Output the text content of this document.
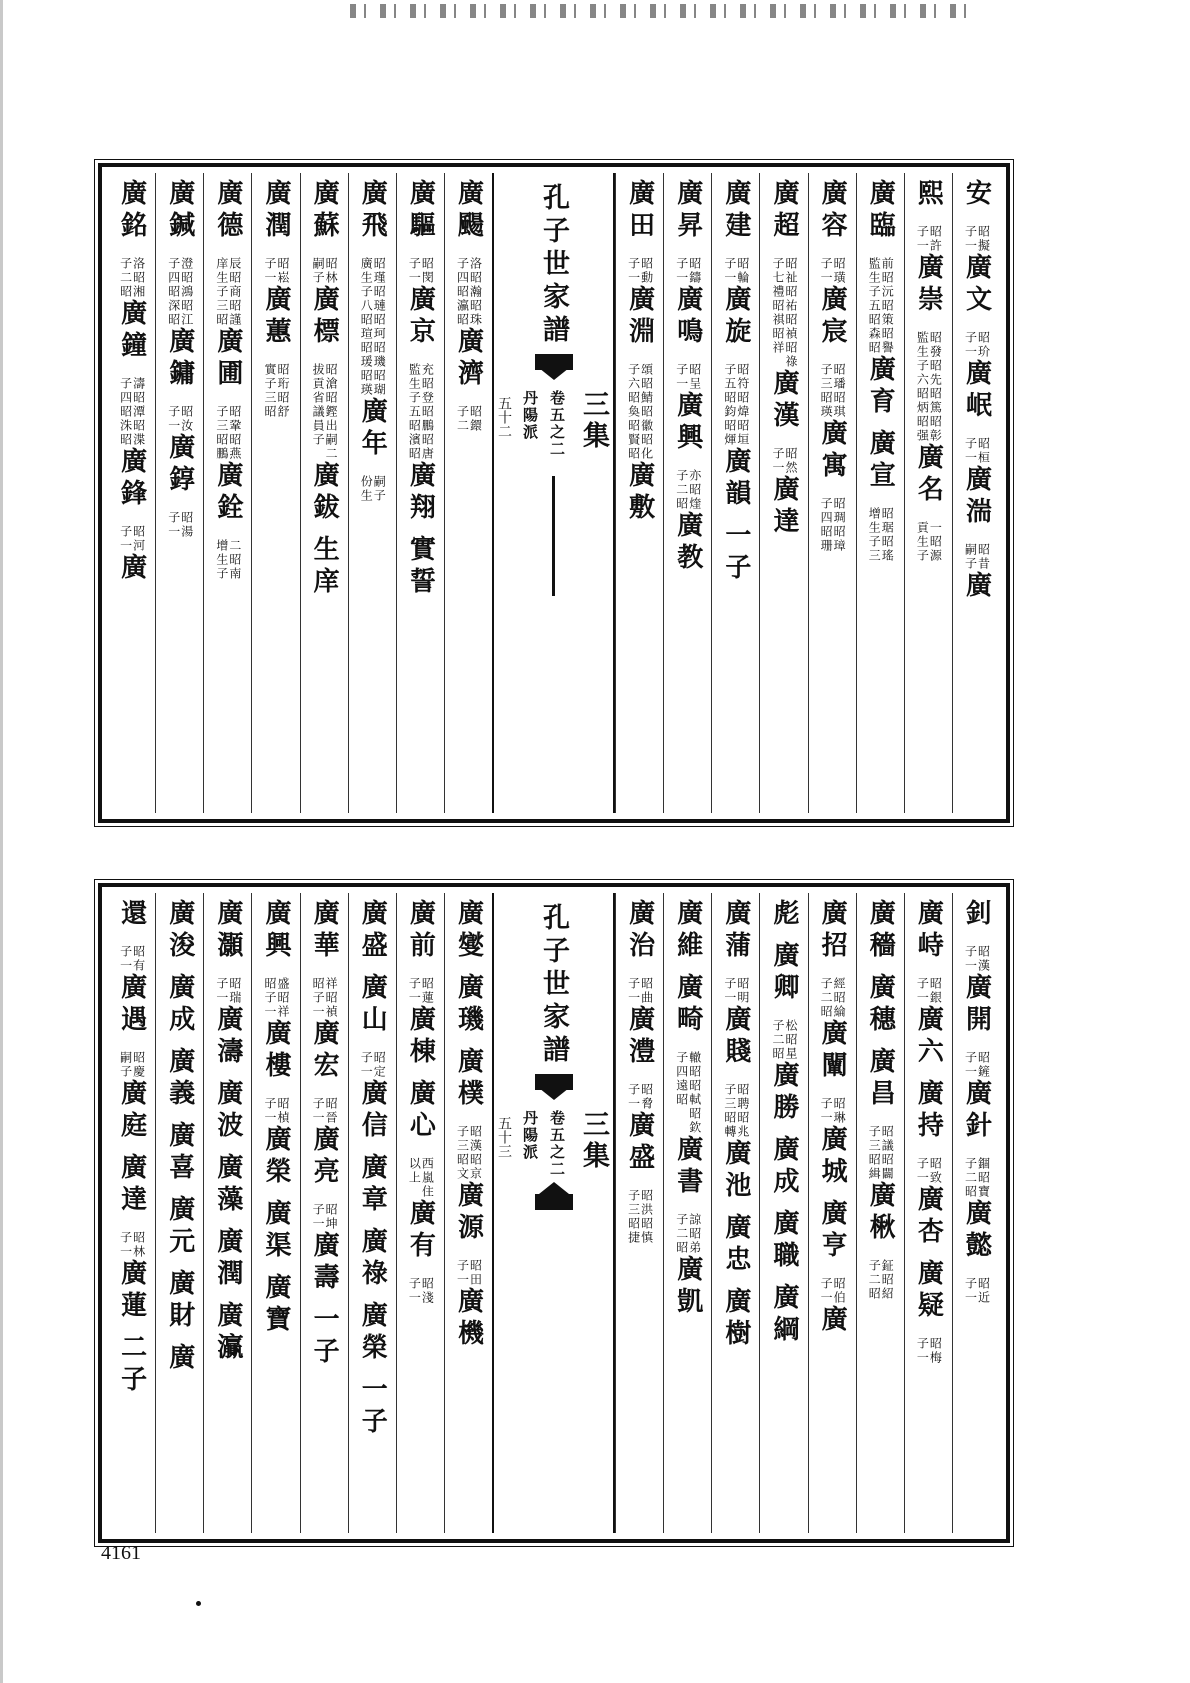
安
昭擬
子一
廣文
昭玠
子一
廣岷
昭桓
子一
廣湍
昭昔
嗣子
廣
熙
昭許
子一
廣崇
昭發昭先昭篤昭彰
監生子六昭炳昭强
廣名
一昭源
貢生子
廣臨
前昭沅昭策昭譽
監生子五昭森昭
廣育
廣宣
昭琚昭瑤
增生子三
廣容
昭璜
子一
廣宸
昭璠昭琪
子三昭瑛
廣寓
昭琱昭璋
子四昭珊
廣超
昭祉昭祐昭禎昭祿
子七禮昭祺昭祥
廣漢
昭然
子一
廣達
廣建
昭輪
子一
廣旋
昭符昭煒昭垣
子五昭鈞昭煇
廣韻
一子
廣昇
昭鑄
子一
廣鳴
昭呈
子一
廣興
亦昭煃
子二昭
廣教
廣田
昭動
子一
廣淵
頌昭鯖昭徽昭化
子六昭奐昭賢昭
廣敷
孔子世家譜
三集
卷五之二
丹陽派
五十二
廣颺
洛昭瀚昭珠
子四昭瀛昭
廣濟
昭鐶
子二
廣驅
昭閔
子一
廣京
充昭登昭鵬昭唐
監生子五昭濱昭
廣翔
實誓
廣飛
昭瑾昭璉昭珂昭璣昭瑚
廣生子八昭瑄昭瑗昭瑛
廣年
嗣子
份生
廣蘇
昭林
嗣子
廣標
昭滄昭鏗出嗣二
拔貢省議員子
廣鈸
生庠
廣潤
昭崧
子一
廣蕙
昭珩昭舒
實子三昭
廣德
辰昭商昭謹
庠生子三昭
廣圃
昭鞏昭燕
子三昭鵬
廣銓
二昭南
增生子
廣鍼
澄昭鴻昭江
子四昭深昭
廣鏞
昭汝
子一
廣錞
昭湯
子一
廣銘
洛昭湘
子二昭
廣鐘
濤昭潭昭渫
子四昭洙昭
廣鋒
昭河
子一
廣
釗
昭漢
子一
廣開
昭鏟
子一
廣針
錮昭寶
子二昭
廣懿
昭近
子一
廣峙
昭銀
子一
廣六
廣持
昭致
子一
廣杏
廣疑
昭梅
子一
廣穡
廣穗
廣昌
昭議昭闢
子三昭緝
廣楸
鉦昭紹
子二昭
廣招
經昭綸
子二昭
廣闡
昭琳
子一
廣城
廣亨
昭伯
子一
廣
彪
廣卿
松昭星
子二昭
廣勝
廣成
廣職
廣綱
廣蒲
昭明
子一
廣賤
昭聘昭兆
子三昭轉
廣池
廣忠
廣樹
廣維
廣畸
轍昭昭軾昭欽
子四遠昭
廣書
諒昭弟
子二昭
廣凱
廣治
昭曲
子一
廣澧
昭脅
子一
廣盛
昭洪昭慎
子三昭捷
孔子世家譜
三集
卷五之二
丹陽派
五十三
廣燮
廣璣
廣樸
昭漢昭京
子三昭文
廣源
昭田
子一
廣機
廣前
昭蓮
子一
廣棟
廣心
西嵐住
以上
廣有
昭淺
子一
廣盛
廣山
昭定
子一
廣信
廣章
廣祿
廣榮
一子
廣華
祥昭禎
昭子一
廣宏
昭晉
子一
廣亮
昭坤
子一
廣壽
一子
廣興
盛昭祥
昭子一
廣樓
昭楨
子一
廣榮
廣渠
廣寶
廣灝
昭瑞
子一
廣濤
廣波
廣藻
廣潤
廣灜
廣浚
廣成
廣義
廣喜
廣元
廣財
廣
還
昭有
子一
廣遇
昭慶
嗣子
廣庭
廣達
昭林
子一
廣蓮
二子
4161
